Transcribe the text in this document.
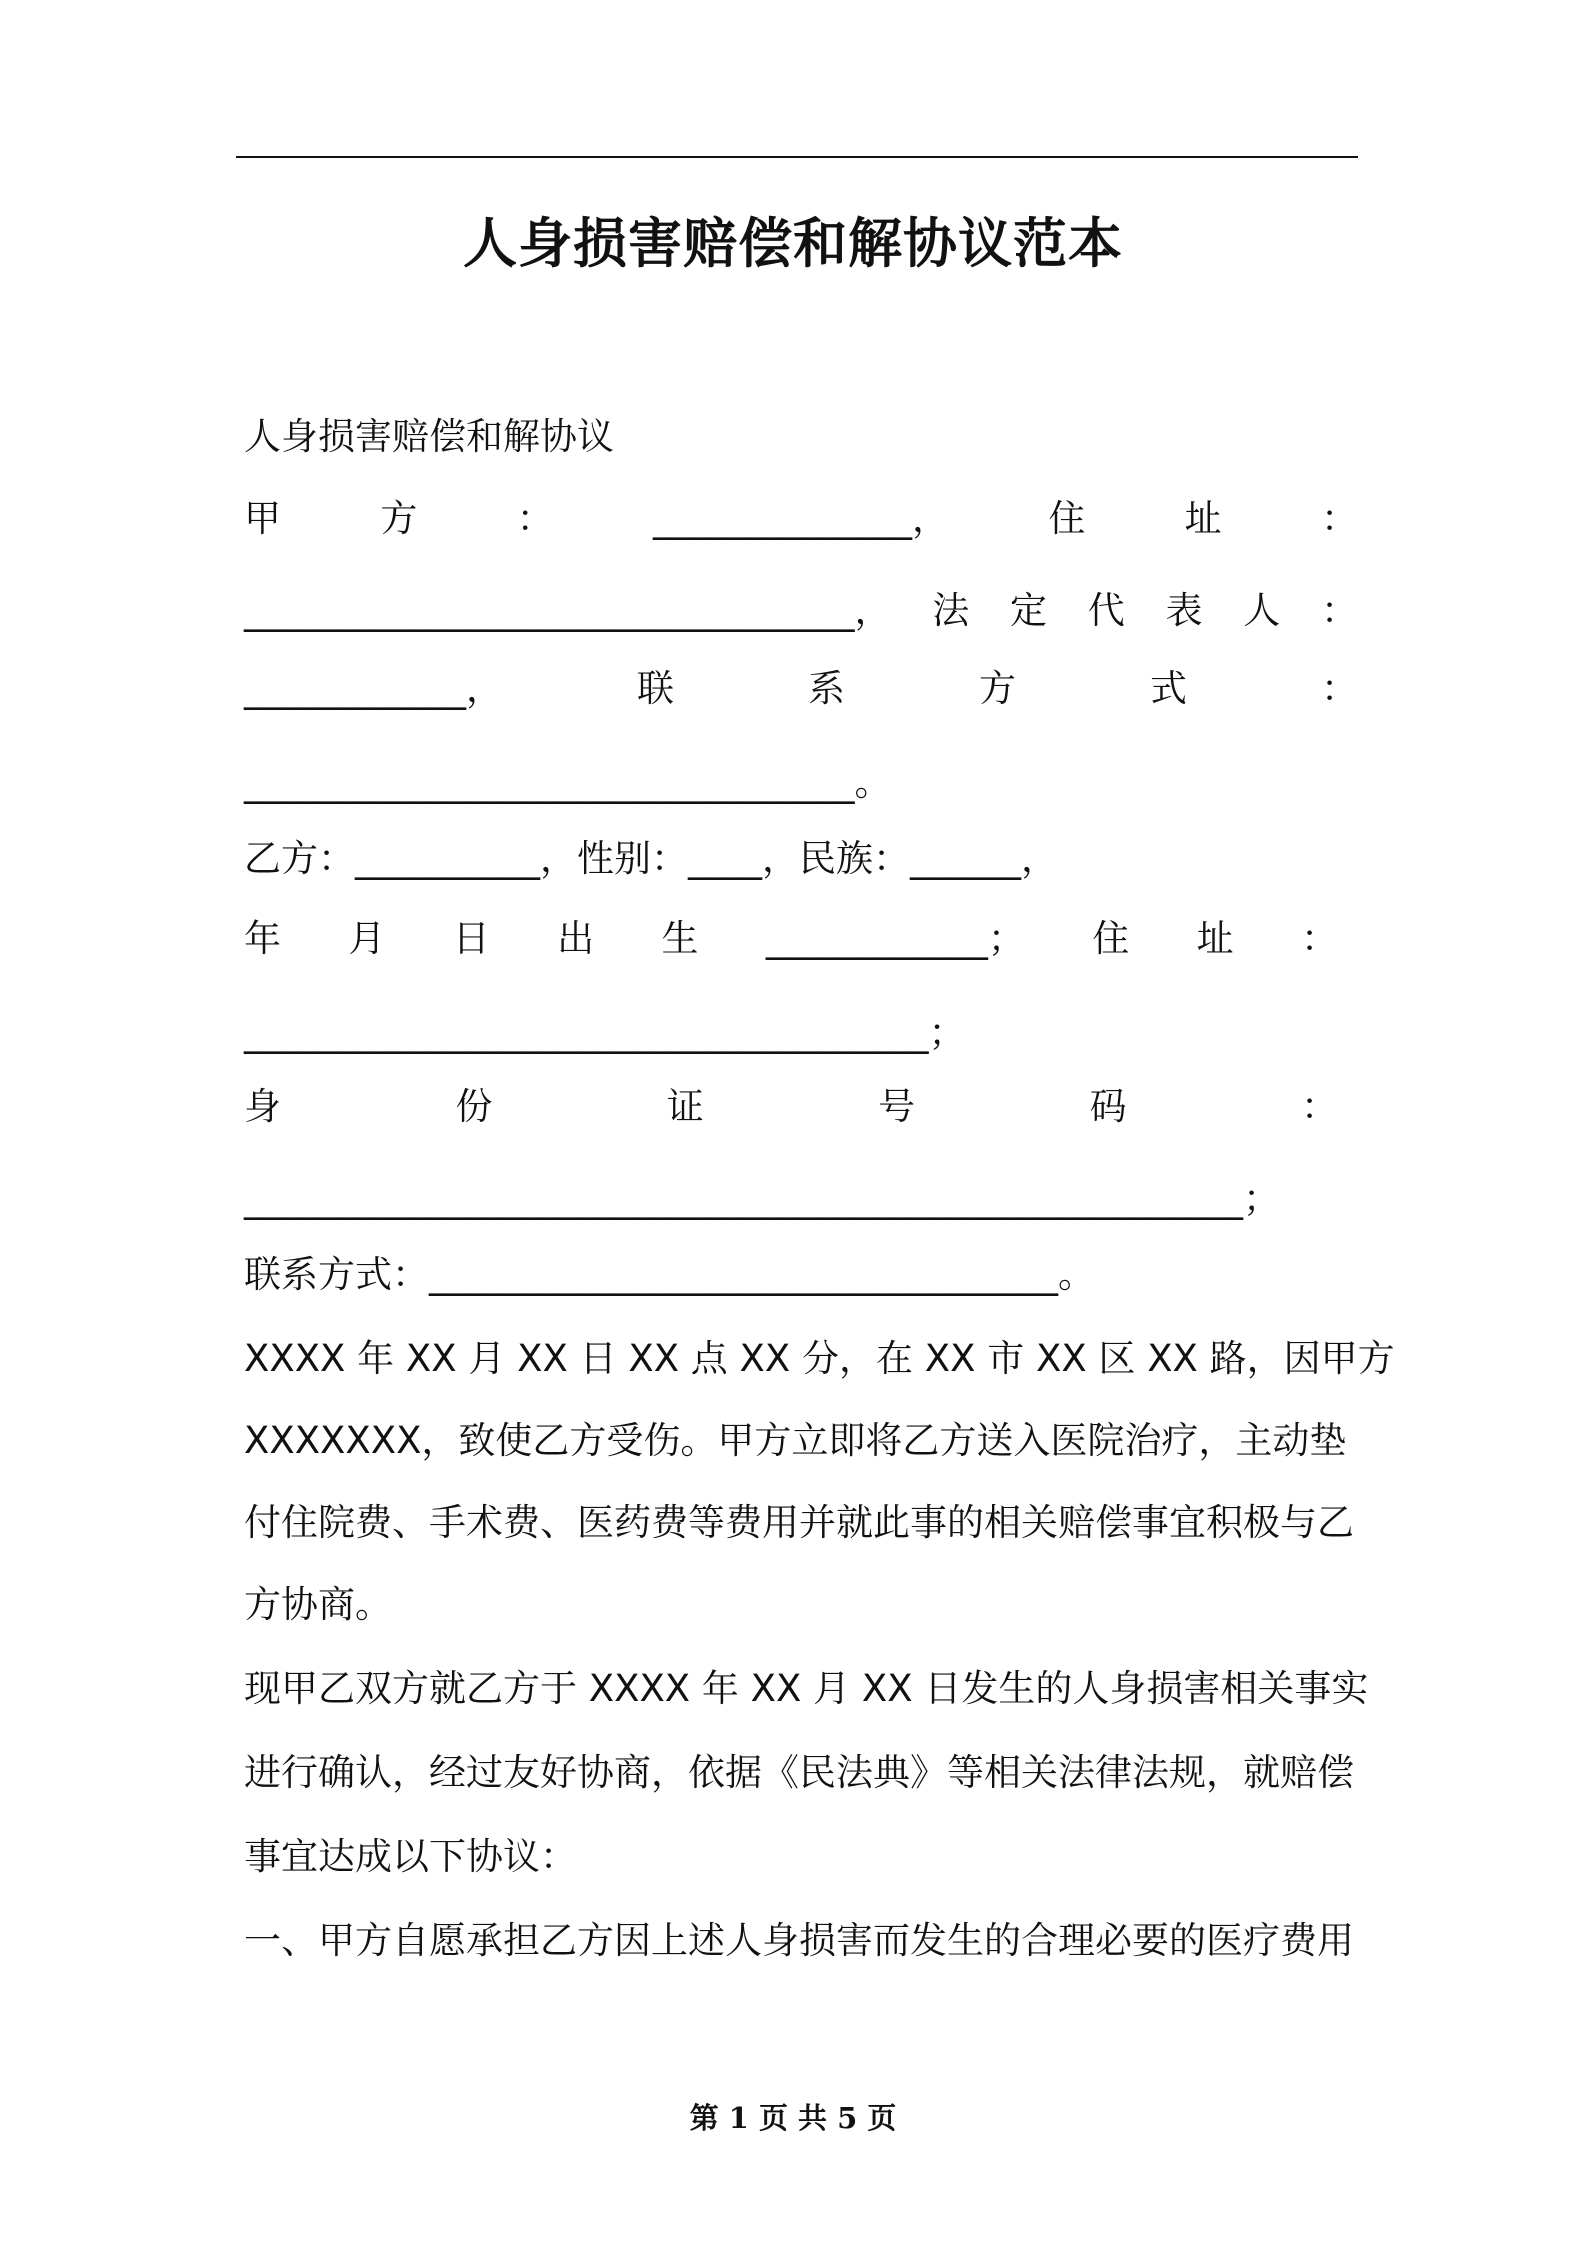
人身损害赔偿和解协议范本
人身损害赔偿和解协议
甲	方	：	______________，	住	址	：
_________________________________， 法 定 代 表 人 ：
____________，	联	系	方	式	：
_________________________________。
乙方：__________，性别：____，民族：______，
年 月 日 出 生 ____________； 住 址 ：
_____________________________________；
身	份	证	号	码	：
______________________________________________________；
联系方式：__________________________________。
XXXX 年 XX 月 XX 日 XX 点 XX 分，在 XX 市 XX 区 XX 路，因甲方
XXXXXXX，致使乙方受伤。甲方立即将乙方送入医院治疗，主动垫
付住院费、手术费、医药费等费用并就此事的相关赔偿事宜积极与乙
方协商。
现甲乙双方就乙方于 XXXX 年 XX 月 XX 日发生的人身损害相关事实
进行确认，经过友好协商，依据《民法典》等相关法律法规，就赔偿
事宜达成以下协议：
一、甲方自愿承担乙方因上述人身损害而发生的合理必要的医疗费用
第 1 页 共 5 页
